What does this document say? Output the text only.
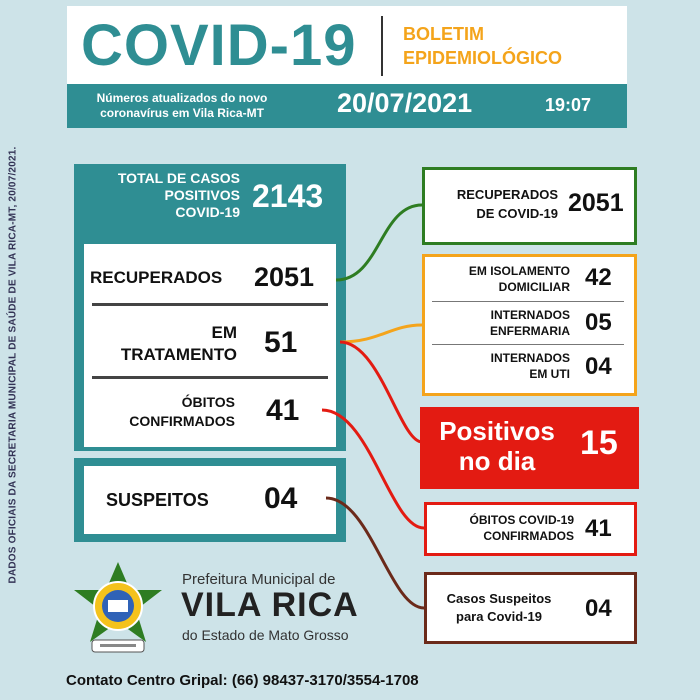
DADOS OFICIAIS DA SECRETARIA MUNICIPAL DE SAÚDE DE VILA RICA-MT, 20/07/2021.
COVID-19	BOLETIM
EPIDEMIOLÓGICO
Números atualizados do novo
coronavírus em Vila Rica-MT	20/07/2021	19:07
TOTAL DE CASOS
POSITIVOS
COVID-19 2143
RECUPERADOS 2051
EM
TRATAMENTO 51
ÓBITOS
CONFIRMADOS 41
SUSPEITOS 04
RECUPERADOS
DE COVID-19 2051
EM ISOLAMENTO
DOMICILIAR 42
INTERNADOS
ENFERMARIA 05
INTERNADOS
EM UTI 04
Positivos
no dia	15
ÓBITOS COVID-19
CONFIRMADOS 41
Casos Suspeitos
para Covid-19	04
Prefeitura Municipal de
VILA RICA
do Estado de Mato Grosso
Contato Centro Gripal: (66) 98437-3170/3554-1708
